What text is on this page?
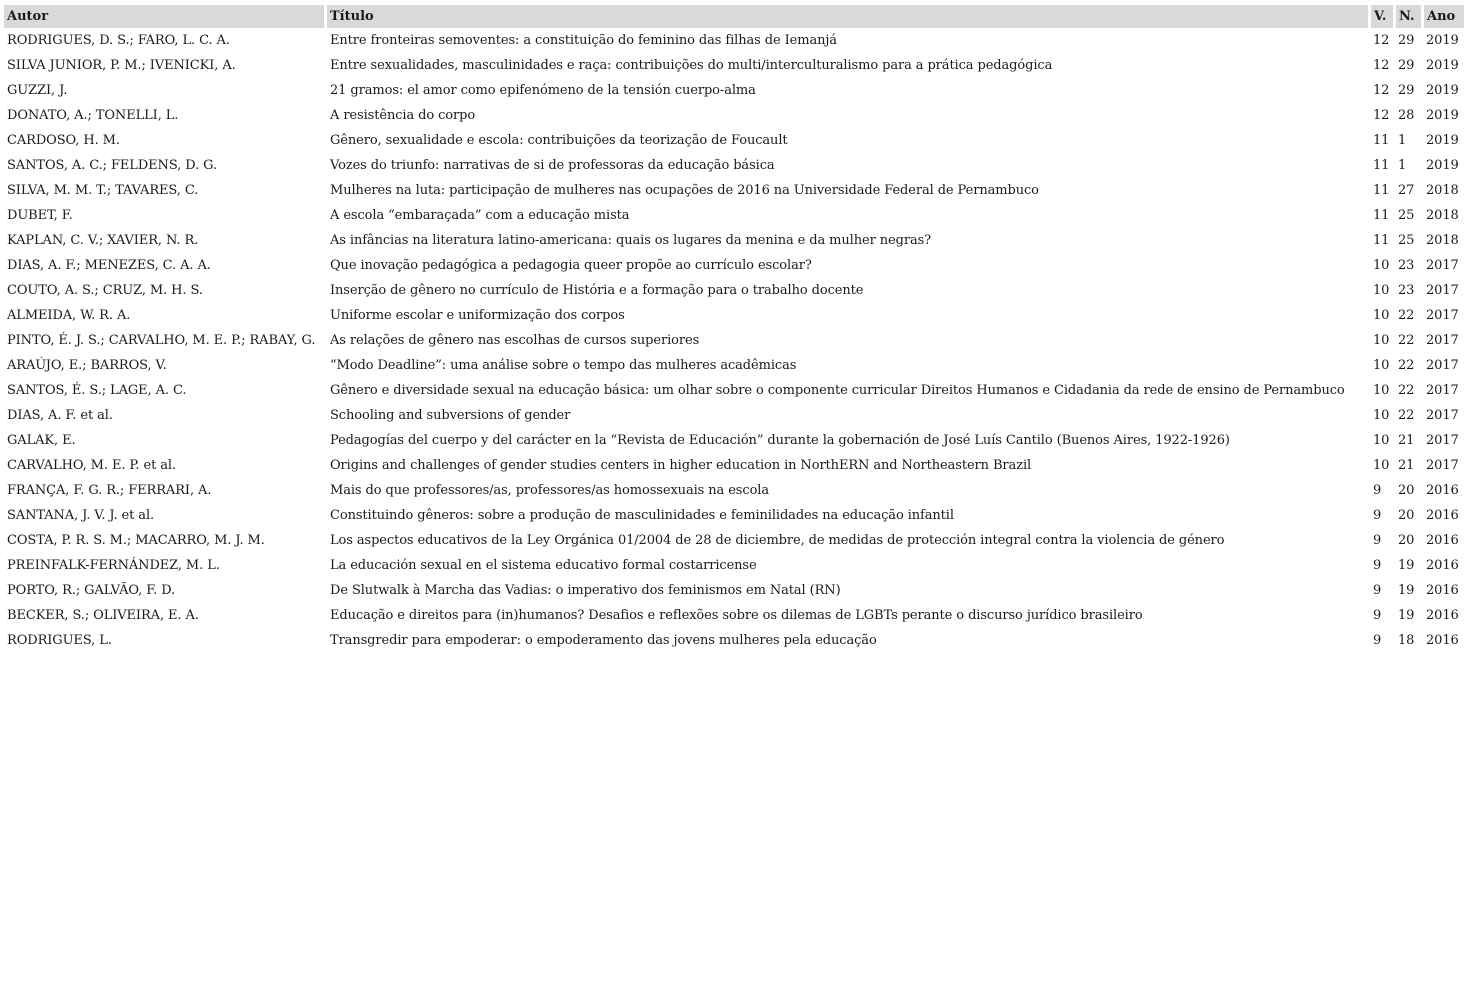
Autor	Título	V.	N.	Ano
RODRIGUES, D. S.; FARO, L. C. A.	Entre fronteiras semoventes: a constituição do feminino das filhas de Iemanjá	12	29	2019
SILVA JUNIOR, P. M.; IVENICKI, A.	Entre sexualidades, masculinidades e raça: contribuições do multi/interculturalismo para a prática pedagógica	12	29	2019
GUZZI, J.	21 gramos: el amor como epifenómeno de la tensión cuerpo-alma	12	29	2019
DONATO, A.; TONELLI, L.	A resistência do corpo	12	28	2019
CARDOSO, H. M.	Gênero, sexualidade e escola: contribuições da teorização de Foucault	11	1	2019
SANTOS, A. C.; FELDENS, D. G.	Vozes do triunfo: narrativas de si de professoras da educação básica	11	1	2019
SILVA, M. M. T.; TAVARES, C.	Mulheres na luta: participação de mulheres nas ocupações de 2016 na Universidade Federal de Pernambuco	11	27	2018
DUBET, F.	A escola “embaraçada” com a educação mista	11	25	2018
KAPLAN, C. V.; XAVIER, N. R.	As infâncias na literatura latino-americana: quais os lugares da menina e da mulher negras?	11	25	2018
DIAS, A. F.; MENEZES, C. A. A.	Que inovação pedagógica a pedagogia queer propõe ao currículo escolar?	10	23	2017
COUTO, A. S.; CRUZ, M. H. S.	Inserção de gênero no currículo de História e a formação para o trabalho docente	10	23	2017
ALMEIDA, W. R. A.	Uniforme escolar e uniformização dos corpos	10	22	2017
PINTO, É. J. S.; CARVALHO, M. E. P.; RABAY, G.	As relações de gênero nas escolhas de cursos superiores	10	22	2017
ARAÚJO, E.; BARROS, V.	“Modo Deadline”: uma análise sobre o tempo das mulheres acadêmicas	10	22	2017
SANTOS, É. S.; LAGE, A. C.	Gênero e diversidade sexual na educação básica: um olhar sobre o componente curricular Direitos Humanos e Cidadania da rede de ensino de Pernambuco	10	22	2017
DIAS, A. F. et al.	Schooling and subversions of gender	10	22	2017
GALAK, E.	Pedagogías del cuerpo y del carácter en la “Revista de Educación” durante la gobernación de José Luís Cantilo (Buenos Aires, 1922-1926)	10	21	2017
CARVALHO, M. E. P. et al.	Origins and challenges of gender studies centers in higher education in NorthERN and Northeastern Brazil	10	21	2017
FRANÇA, F. G. R.; FERRARI, A.	Mais do que professores/as, professores/as homossexuais na escola	9	20	2016
SANTANA, J. V. J. et al.	Constituindo gêneros: sobre a produção de masculinidades e feminilidades na educação infantil	9	20	2016
COSTA, P. R. S. M.; MACARRO, M. J. M.	Los aspectos educativos de la Ley Orgánica 01/2004 de 28 de diciembre, de medidas de protección integral contra la violencia de género	9	20	2016
PREINFALK-FERNÁNDEZ, M. L.	La educación sexual en el sistema educativo formal costarricense	9	19	2016
PORTO, R.; GALVÃO, F. D.	De Slutwalk à Marcha das Vadias: o imperativo dos feminismos em Natal (RN)	9	19	2016
BECKER, S.; OLIVEIRA, E. A.	Educação e direitos para (in)humanos? Desafios e reflexões sobre os dilemas de LGBTs perante o discurso jurídico brasileiro	9	19	2016
RODRIGUES, L.	Transgredir para empoderar: o empoderamento das jovens mulheres pela educação	9	18	2016
